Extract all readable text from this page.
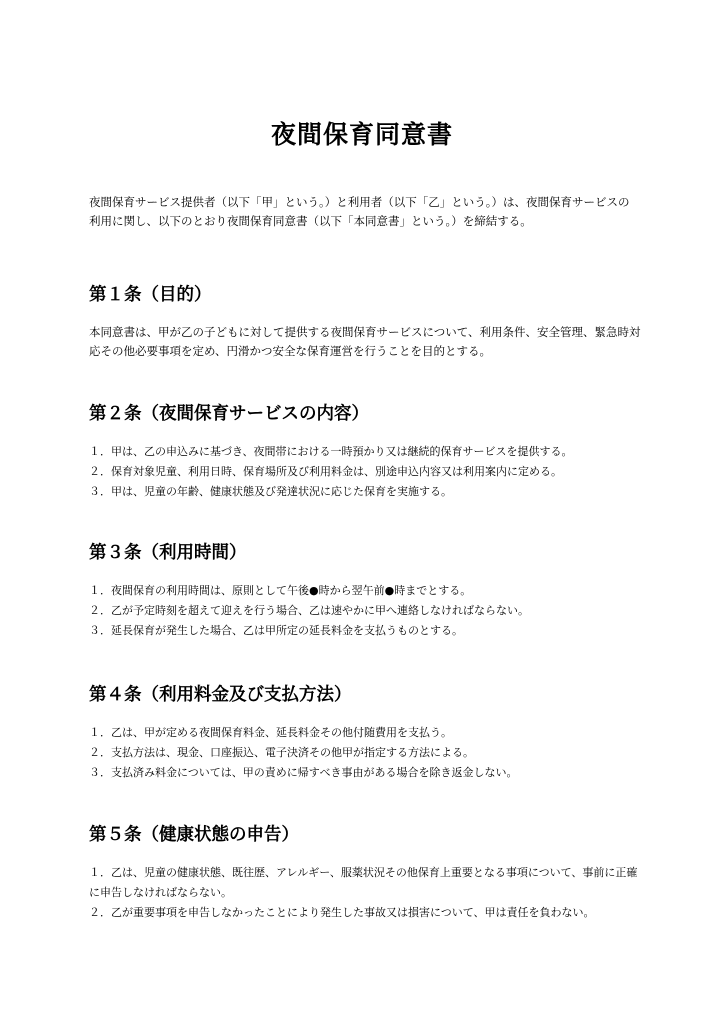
夜間保育同意書

夜間保育サービス提供者（以下「甲」という。）と利用者（以下「乙」という。）は、夜間保育サービスの利用に関し、以下のとおり夜間保育同意書（以下「本同意書」という。）を締結する。

第１条（目的）

本同意書は、甲が乙の子どもに対して提供する夜間保育サービスについて、利用条件、安全管理、緊急時対応その他必要事項を定め、円滑かつ安全な保育運営を行うことを目的とする。

第２条（夜間保育サービスの内容）
１．甲は、乙の申込みに基づき、夜間帯における一時預かり又は継続的保育サービスを提供する。
２．保育対象児童、利用日時、保育場所及び利用料金は、別途申込内容又は利用案内に定める。
３．甲は、児童の年齢、健康状態及び発達状況に応じた保育を実施する。
第３条（利用時間）
１．夜間保育の利用時間は、原則として午後●時から翌午前●時までとする。
２．乙が予定時刻を超えて迎えを行う場合、乙は速やかに甲へ連絡しなければならない。
３．延長保育が発生した場合、乙は甲所定の延長料金を支払うものとする。
第４条（利用料金及び支払方法）
１．乙は、甲が定める夜間保育料金、延長料金その他付随費用を支払う。
２．支払方法は、現金、口座振込、電子決済その他甲が指定する方法による。
３．支払済み料金については、甲の責めに帰すべき事由がある場合を除き返金しない。
第５条（健康状態の申告）
１．乙は、児童の健康状態、既往歴、アレルギー、服薬状況その他保育上重要となる事項について、事前に正確に申告しなければならない。
２．乙が重要事項を申告しなかったことにより発生した事故又は損害について、甲は責任を負わない。
